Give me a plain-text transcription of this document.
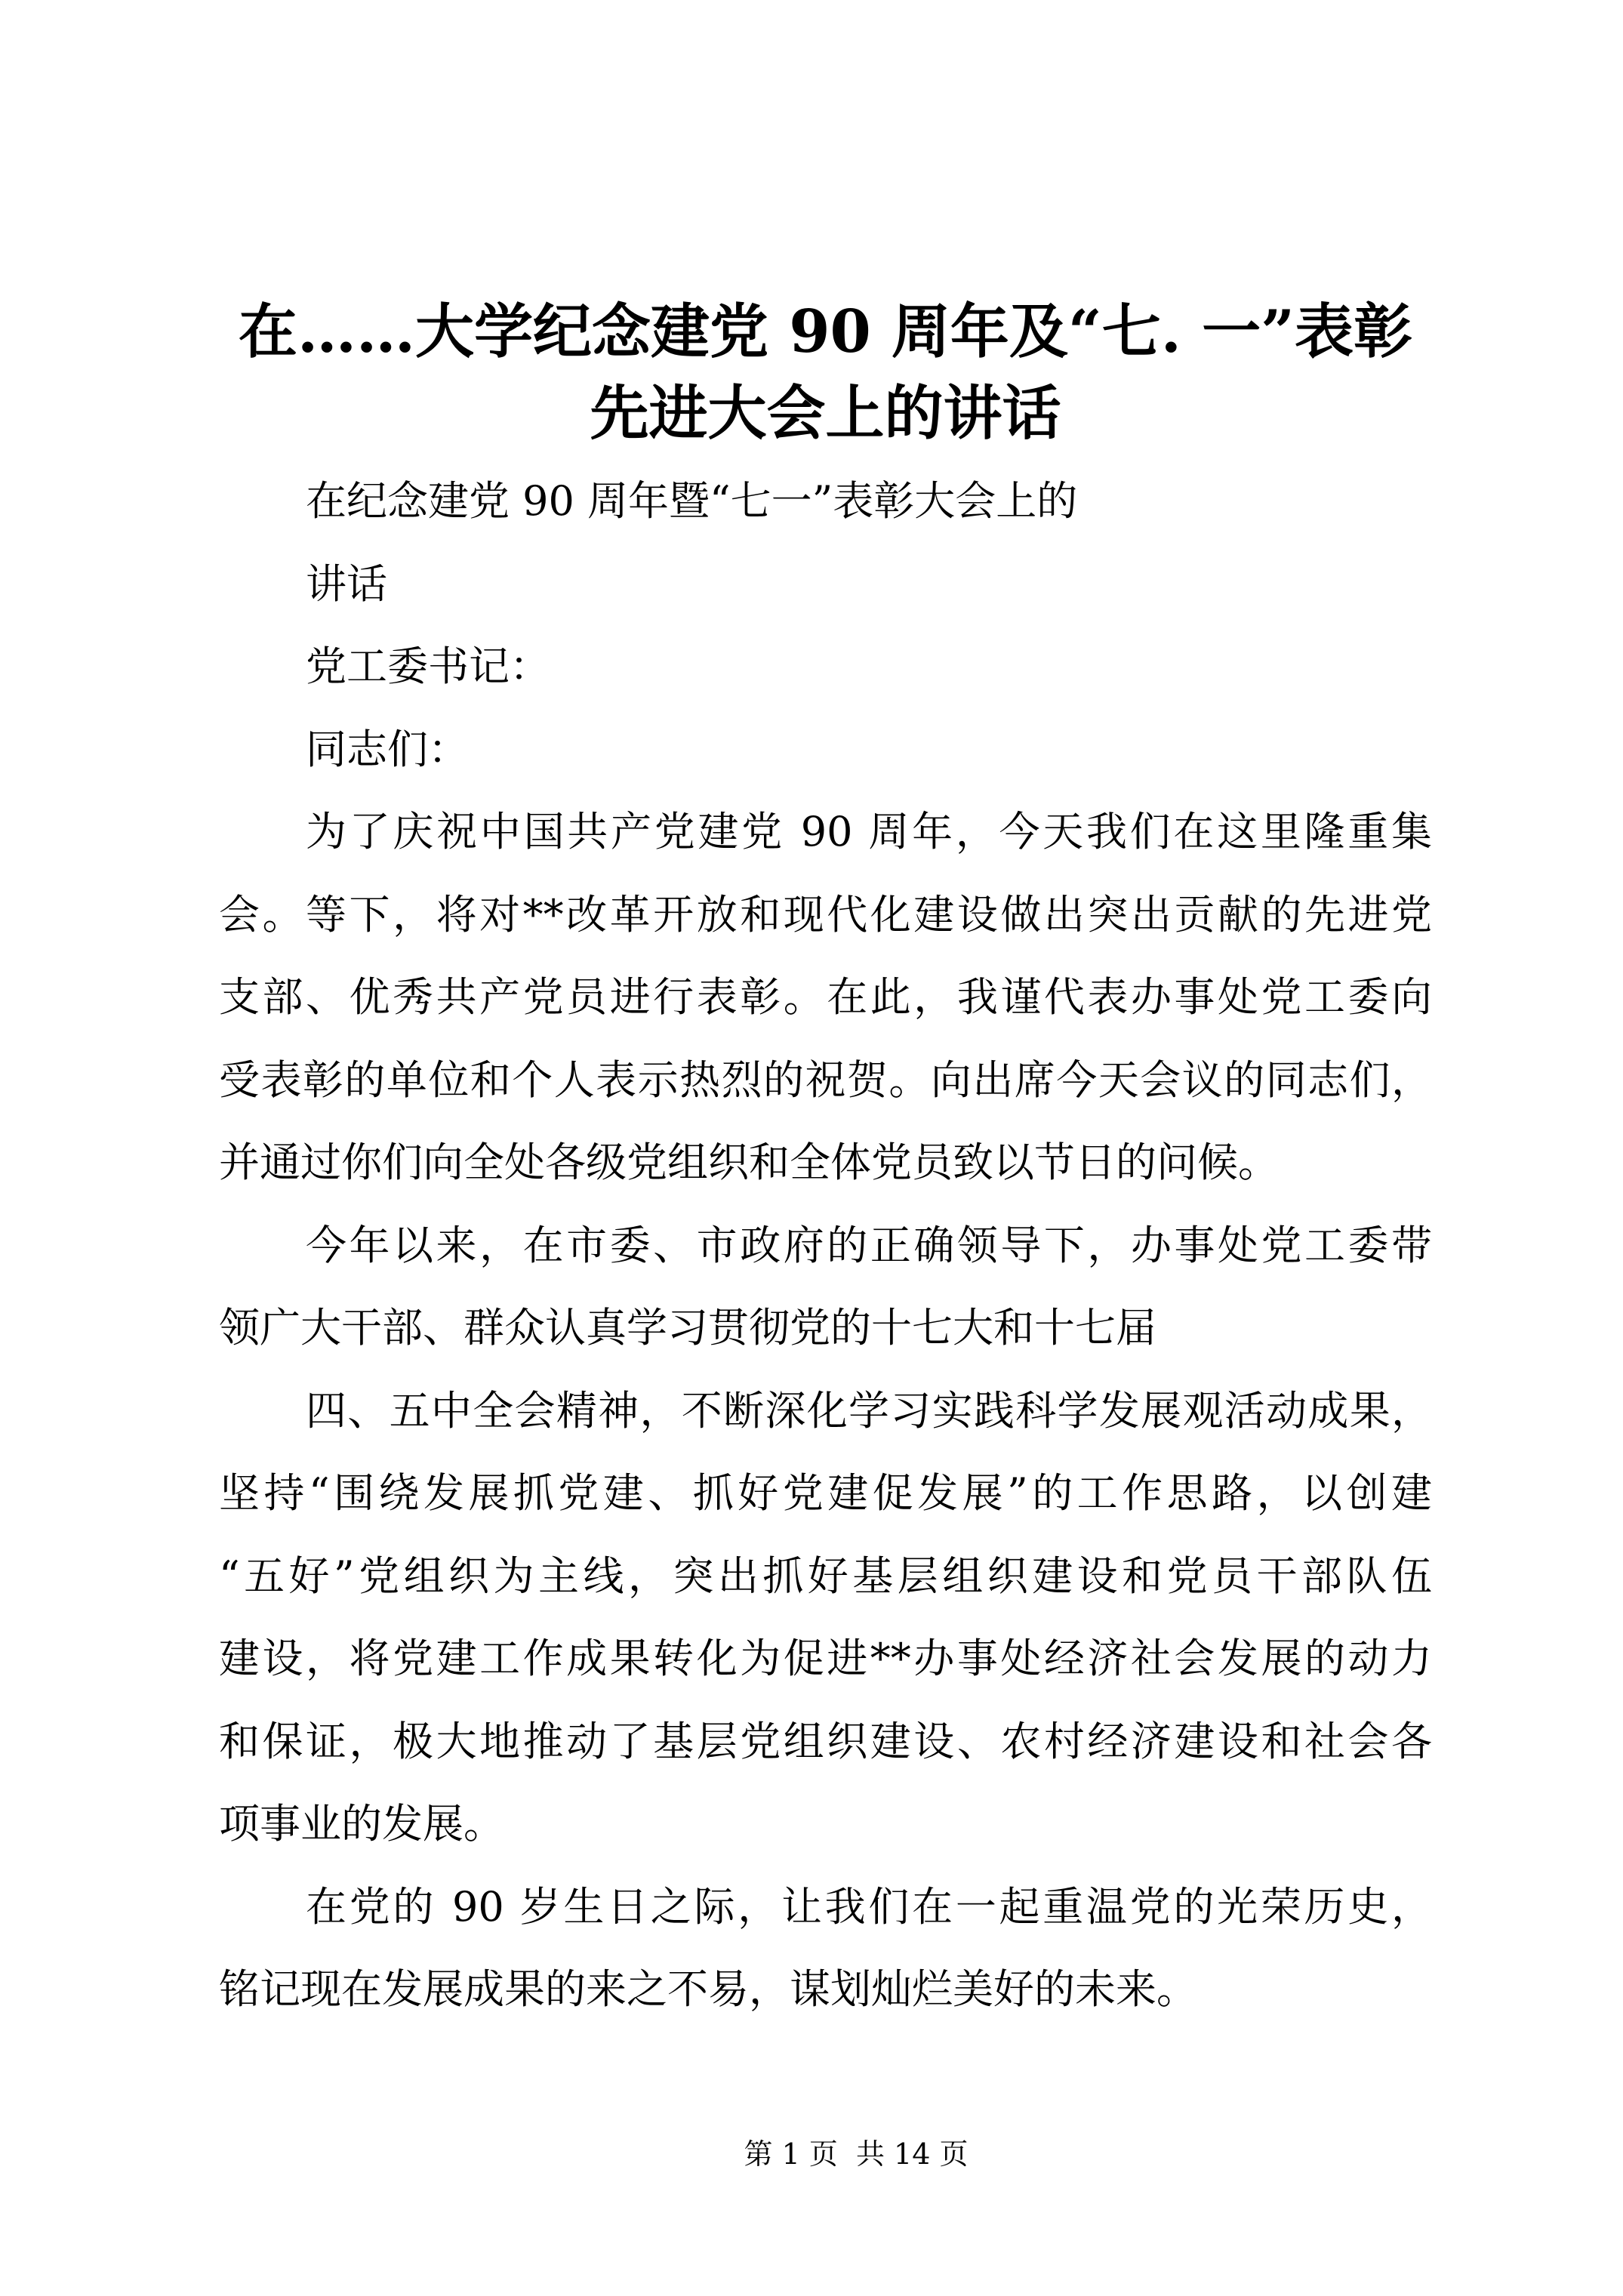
在……大学纪念建党 90 周年及“七. 一”表彰
先进大会上的讲话
在纪念建党 90 周年暨“七一”表彰大会上的
讲话
党工委书记：
同志们：
为了庆祝中国共产党建党 90 周年，今天我们在这里隆重集
会。等下，将对**改革开放和现代化建设做出突出贡献的先进党
支部、优秀共产党员进行表彰。在此，我谨代表办事处党工委向
受表彰的单位和个人表示热烈的祝贺。向出席今天会议的同志们，
并通过你们向全处各级党组织和全体党员致以节日的问候。
今年以来，在市委、市政府的正确领导下，办事处党工委带
领广大干部、群众认真学习贯彻党的十七大和十七届
四、五中全会精神，不断深化学习实践科学发展观活动成果，
坚持“围绕发展抓党建、抓好党建促发展”的工作思路，以创建
“五好”党组织为主线，突出抓好基层组织建设和党员干部队伍
建设，将党建工作成果转化为促进**办事处经济社会发展的动力
和保证，极大地推动了基层党组织建设、农村经济建设和社会各
项事业的发展。
在党的 90 岁生日之际，让我们在一起重温党的光荣历史，
铭记现在发展成果的来之不易，谋划灿烂美好的未来。
第 1 页  共 14 页
